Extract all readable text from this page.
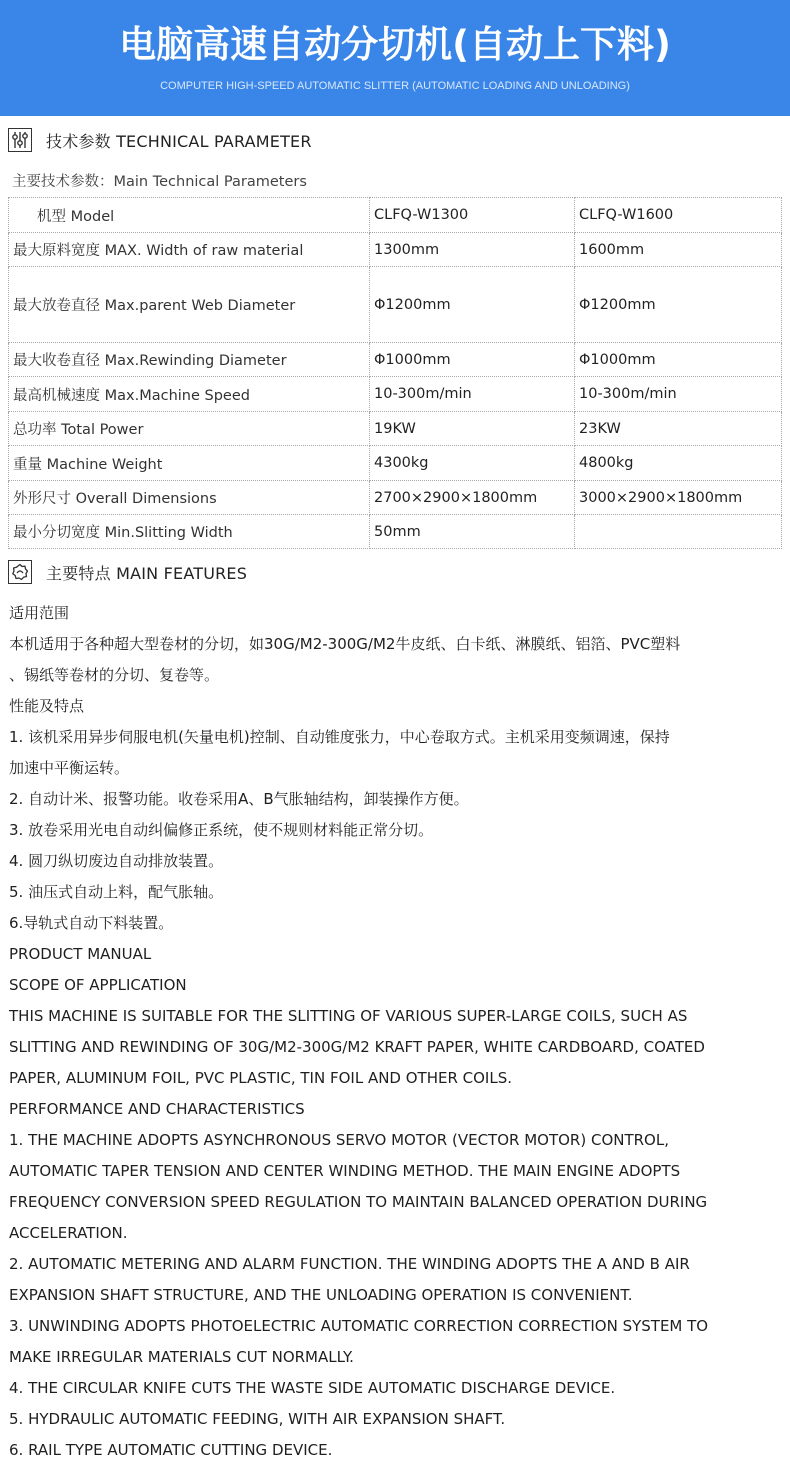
电脑高速自动分切机(自动上下料)
COMPUTER HIGH-SPEED AUTOMATIC SLITTER (AUTOMATIC LOADING AND UNLOADING)
技术参数 TECHNICAL PARAMETER
主要技术参数：Main Technical Parameters
机型 Model	CLFQ-W1300	CLFQ-W1600
最大原料宽度 MAX. Width of raw material	1300mm	1600mm
最大放卷直径 Max.parent Web Diameter	Φ1200mm	Φ1200mm
最大收卷直径 Max.Rewinding Diameter	Φ1000mm	Φ1000mm
最高机械速度 Max.Machine Speed	10-300m/min	10-300m/min
总功率 Total Power	19KW	23KW
重量 Machine Weight	4300kg	4800kg
外形尺寸 Overall Dimensions	2700×2900×1800mm	3000×2900×1800mm
最小分切宽度 Min.Slitting Width	50mm	
主要特点 MAIN FEATURES

适用范围

本机适用于各种超大型卷材的分切，如30G/M2-300G/M2牛皮纸、白卡纸、淋膜纸、铝箔、PVC塑料

、锡纸等卷材的分切、复卷等。

性能及特点

1. 该机采用异步伺服电机(矢量电机)控制、自动锥度张力，中心卷取方式。主机采用变频调速，保持

加速中平衡运转。

2. 自动计米、报警功能。收卷采用A、B气胀轴结构，卸装操作方便。

3. 放卷采用光电自动纠偏修正系统，使不规则材料能正常分切。

4. 圆刀纵切废边自动排放装置。

5. 油压式自动上料，配气胀轴。

6.导轨式自动下料装置。

PRODUCT MANUAL

SCOPE OF APPLICATION

THIS MACHINE IS SUITABLE FOR THE SLITTING OF VARIOUS SUPER-LARGE COILS, SUCH AS

SLITTING AND REWINDING OF 30G/M2-300G/M2 KRAFT PAPER, WHITE CARDBOARD, COATED

PAPER, ALUMINUM FOIL, PVC PLASTIC, TIN FOIL AND OTHER COILS.

PERFORMANCE AND CHARACTERISTICS

1. THE MACHINE ADOPTS ASYNCHRONOUS SERVO MOTOR (VECTOR MOTOR) CONTROL,

AUTOMATIC TAPER TENSION AND CENTER WINDING METHOD. THE MAIN ENGINE ADOPTS

FREQUENCY CONVERSION SPEED REGULATION TO MAINTAIN BALANCED OPERATION DURING

ACCELERATION.

2. AUTOMATIC METERING AND ALARM FUNCTION. THE WINDING ADOPTS THE A AND B AIR

EXPANSION SHAFT STRUCTURE, AND THE UNLOADING OPERATION IS CONVENIENT.

3. UNWINDING ADOPTS PHOTOELECTRIC AUTOMATIC CORRECTION CORRECTION SYSTEM TO

MAKE IRREGULAR MATERIALS CUT NORMALLY.

4. THE CIRCULAR KNIFE CUTS THE WASTE SIDE AUTOMATIC DISCHARGE DEVICE.

5. HYDRAULIC AUTOMATIC FEEDING, WITH AIR EXPANSION SHAFT.

6. RAIL TYPE AUTOMATIC CUTTING DEVICE.
